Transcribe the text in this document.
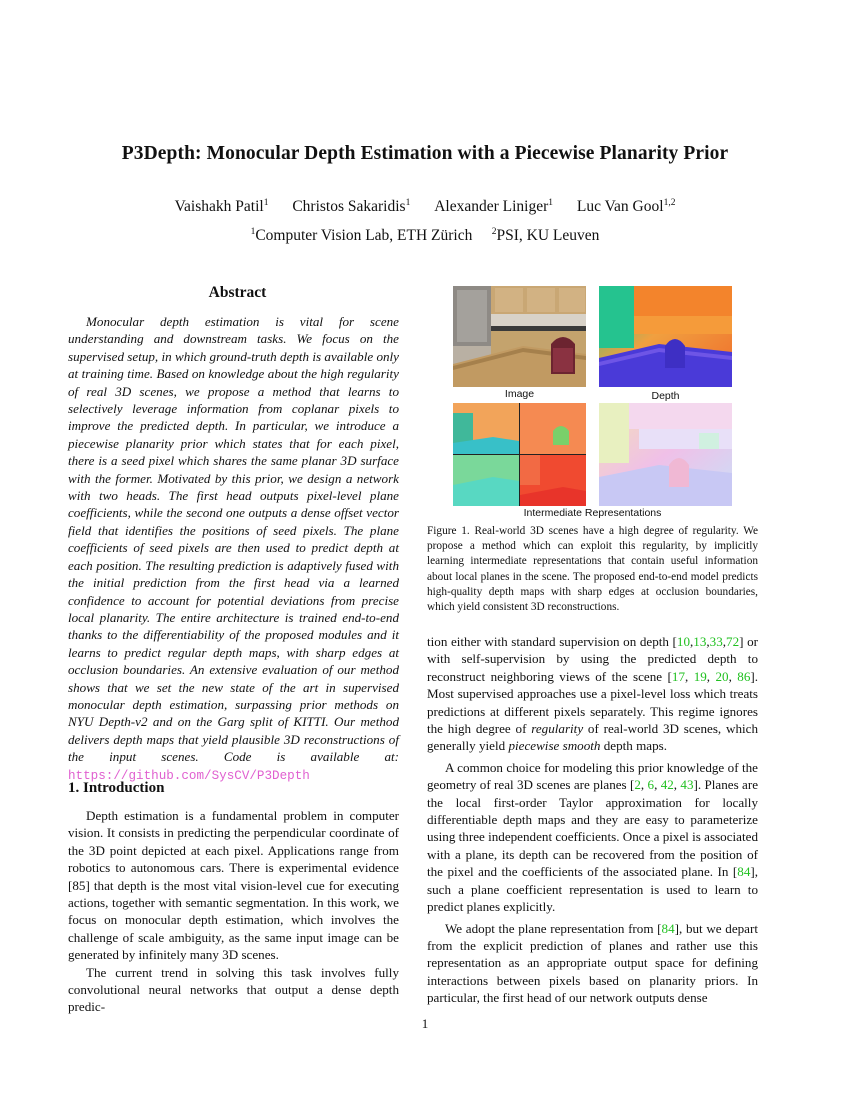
P3Depth: Monocular Depth Estimation with a Piecewise Planarity Prior
Vaishakh Patil$^1$ Christos Sakaridis$^1$ Alexander Liniger$^1$ Luc Van Gool$^{1,2}$
$^1$Computer Vision Lab, ETH Zürich $^2$PSI, KU Leuven
Abstract
Monocular depth estimation is vital for scene understanding and downstream tasks. We focus on the supervised setup, in which ground-truth depth is available only at training time. Based on knowledge about the high regularity of real 3D scenes, we propose a method that learns to selectively leverage information from coplanar pixels to improve the predicted depth. In particular, we introduce a piecewise planarity prior which states that for each pixel, there is a seed pixel which shares the same planar 3D surface with the former. Motivated by this prior, we design a network with two heads. The first head outputs pixel-level plane coefficients, while the second one outputs a dense offset vector field that identifies the positions of seed pixels. The plane coefficients of seed pixels are then used to predict depth at each position. The resulting prediction is adaptively fused with the initial prediction from the first head via a learned confidence to account for potential deviations from precise local planarity. The entire architecture is trained end-to-end thanks to the differentiability of the proposed modules and it learns to predict regular depth maps, with sharp edges at occlusion boundaries. An extensive evaluation of our method shows that we set the new state of the art in supervised monocular depth estimation, surpassing prior methods on NYU Depth-v2 and on the Garg split of KITTI. Our method delivers depth maps that yield plausible 3D reconstructions of the input scenes. Code is available at: https://github.com/SysCV/P3Depth
1. Introduction

Depth estimation is a fundamental problem in computer vision. It consists in predicting the perpendicular coordinate of the 3D point depicted at each pixel. Applications range from robotics to autonomous cars. There is experimental evidence [85] that depth is the most vital vision-level cue for executing actions, together with semantic segmentation. In this work, we focus on monocular depth estimation, which involves the challenge of scale ambiguity, as the same input image can be generated by infinitely many 3D scenes.

The current trend in solving this task involves fully convolutional neural networks that output a dense depth predic-

Image	Depth
Intermediate Representations
Figure 1. Real-world 3D scenes have a high degree of regularity. We propose a method which can exploit this regularity, by implicitly learning intermediate representations that contain useful information about local planes in the scene. The proposed end-to-end model predicts high-quality depth maps with sharp edges at occlusion boundaries, which yield consistent 3D reconstructions.

tion either with standard supervision on depth [10,13,33,72] or with self-supervision by using the predicted depth to reconstruct neighboring views of the scene [17, 19, 20, 86]. Most supervised approaches use a pixel-level loss which treats predictions at different pixels separately. This regime ignores the high degree of regularity of real-world 3D scenes, which generally yield piecewise smooth depth maps.

A common choice for modeling this prior knowledge of the geometry of real 3D scenes are planes [2, 6, 42, 43]. Planes are the local first-order Taylor approximation for locally differentiable depth maps and they are easy to parameterize using three independent coefficients. Once a pixel is associated with a plane, its depth can be recovered from the position of the pixel and the coefficients of the associated plane. In [84], such a plane coefficient representation is used to learn to predict planes explicitly.

We adopt the plane representation from [84], but we depart from the explicit prediction of planes and rather use this representation as an appropriate output space for defining interactions between pixels based on planarity priors. In particular, the first head of our network outputs dense

1
